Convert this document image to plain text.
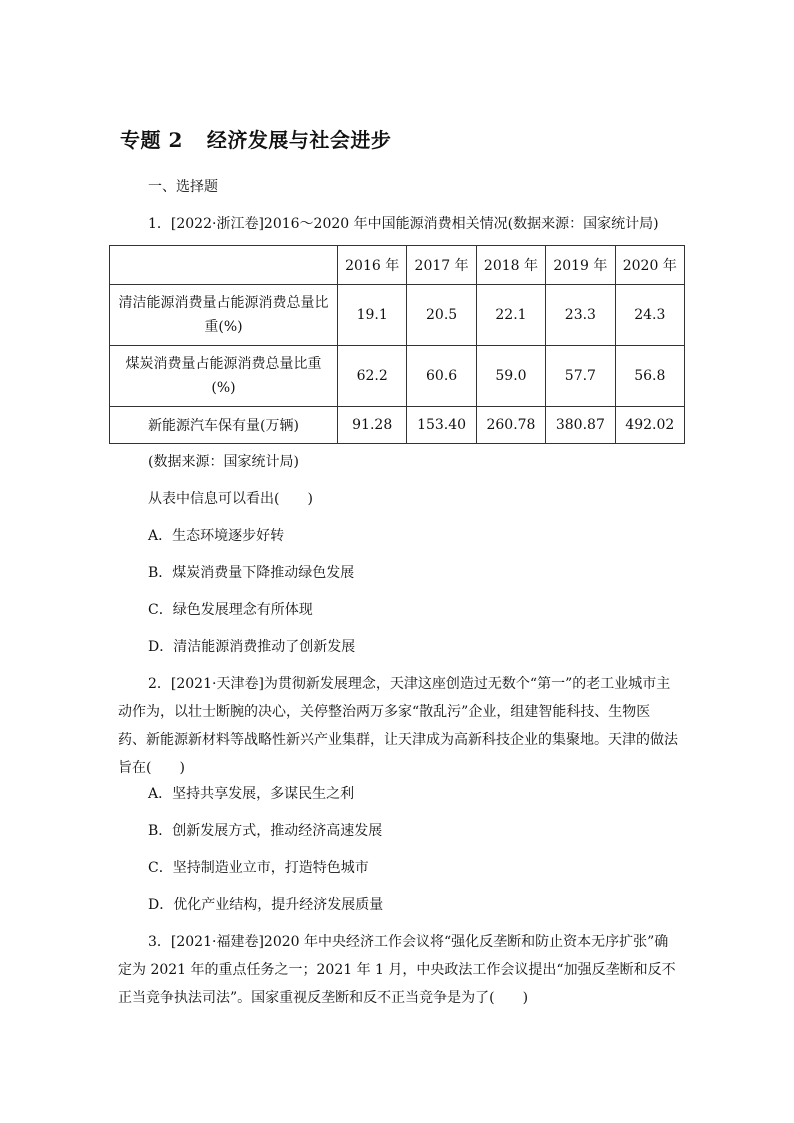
专题 2 经济发展与社会进步
一、选择题
1．[2022·浙江卷]2016～2020 年中国能源消费相关情况(数据来源：国家统计局)
	2016 年	2017 年	2018 年	2019 年	2020 年
清洁能源消费量占能源消费总量比重(%)	19.1	20.5	22.1	23.3	24.3
煤炭消费量占能源消费总量比重(%)	62.2	60.6	59.0	57.7	56.8
新能源汽车保有量(万辆)	91.28	153.40	260.78	380.87	492.02
(数据来源：国家统计局)
从表中信息可以看出(　　)
A．生态环境逐步好转
B．煤炭消费量下降推动绿色发展
C．绿色发展理念有所体现
D．清洁能源消费推动了创新发展
2．[2021·天津卷]为贯彻新发展理念，天津这座创造过无数个“第一”的老工业城市主动作为，以壮士断腕的决心，关停整治两万多家“散乱污”企业，组建智能科技、生物医药、新能源新材料等战略性新兴产业集群，让天津成为高新科技企业的集聚地。天津的做法旨在(　　)
A．坚持共享发展，多谋民生之利
B．创新发展方式，推动经济高速发展
C．坚持制造业立市，打造特色城市
D．优化产业结构，提升经济发展质量
3．[2021·福建卷]2020 年中央经济工作会议将“强化反垄断和防止资本无序扩张”确定为 2021 年的重点任务之一；2021 年 1 月，中央政法工作会议提出“加强反垄断和反不正当竞争执法司法”。国家重视反垄断和反不正当竞争是为了(　　)
